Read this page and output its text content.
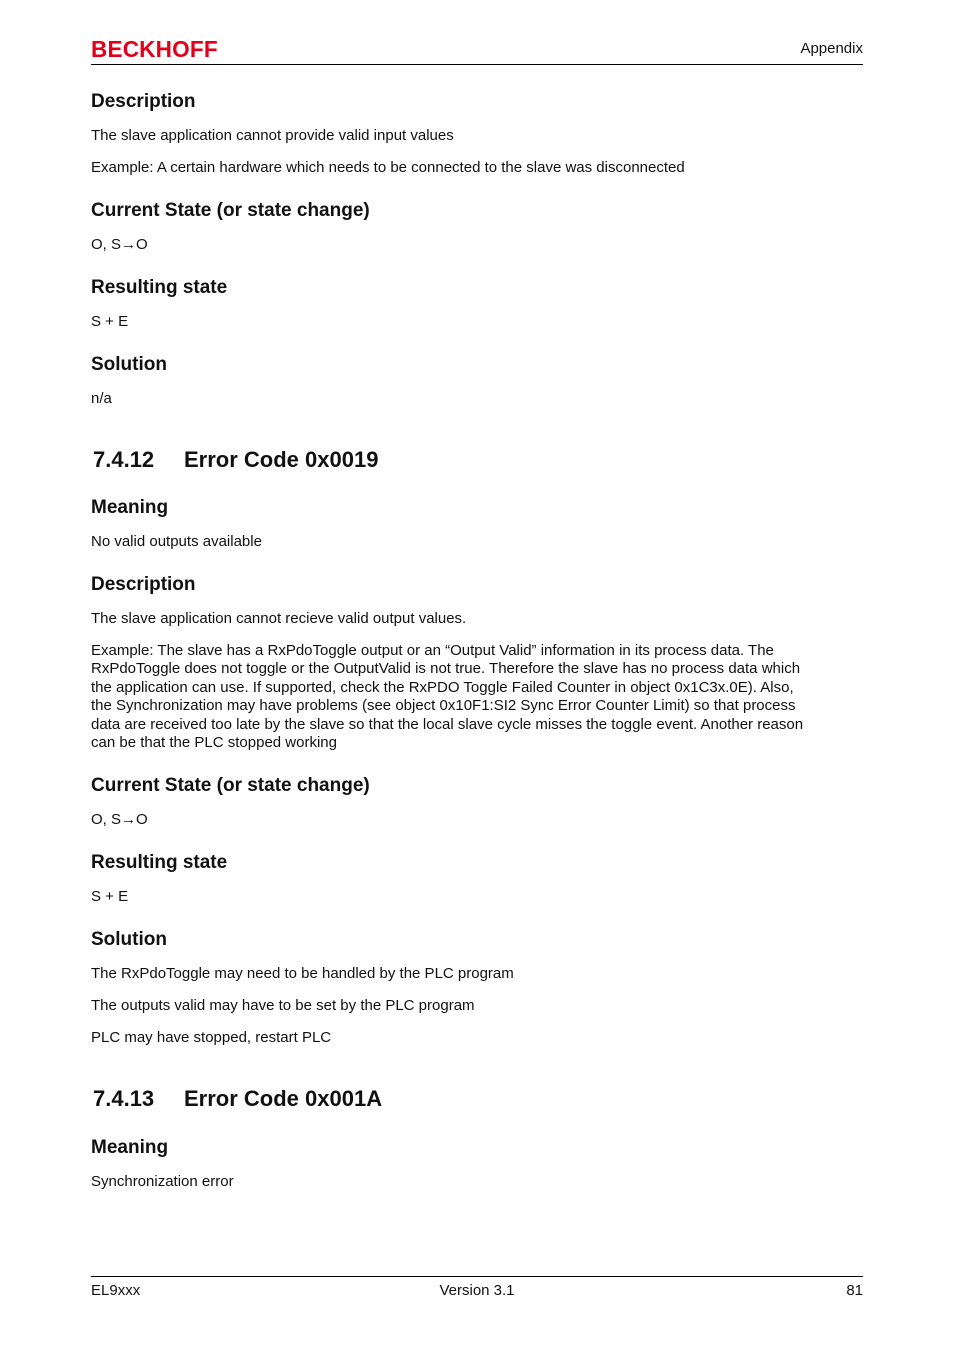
BECKHOFF	Appendix
Description

The slave application cannot provide valid input values

Example: A certain hardware which needs to be connected to the slave was disconnected

Current State (or state change)

O, S→O

Resulting state

S + E

Solution

n/a

7.4.12 Error Code 0x0019
Meaning

No valid outputs available

Description

The slave application cannot recieve valid output values.

Example: The slave has a RxPdoToggle output or an “Output Valid” information in its process data. The

RxPdoToggle does not toggle or the OutputValid is not true. Therefore the slave has no process data which

the application can use. If supported, check the RxPDO Toggle Failed Counter in object 0x1C3x.0E). Also,

the Synchronization may have problems (see object 0x10F1:SI2 Sync Error Counter Limit) so that process

data are received too late by the slave so that the local slave cycle misses the toggle event. Another reason

can be that the PLC stopped working

Current State (or state change)

O, S→O

Resulting state

S + E

Solution

The RxPdoToggle may need to be handled by the PLC program

The outputs valid may have to be set by the PLC program

PLC may have stopped, restart PLC

7.4.13 Error Code 0x001A
Meaning

Synchronization error

EL9xxx	Version 3.1	81
